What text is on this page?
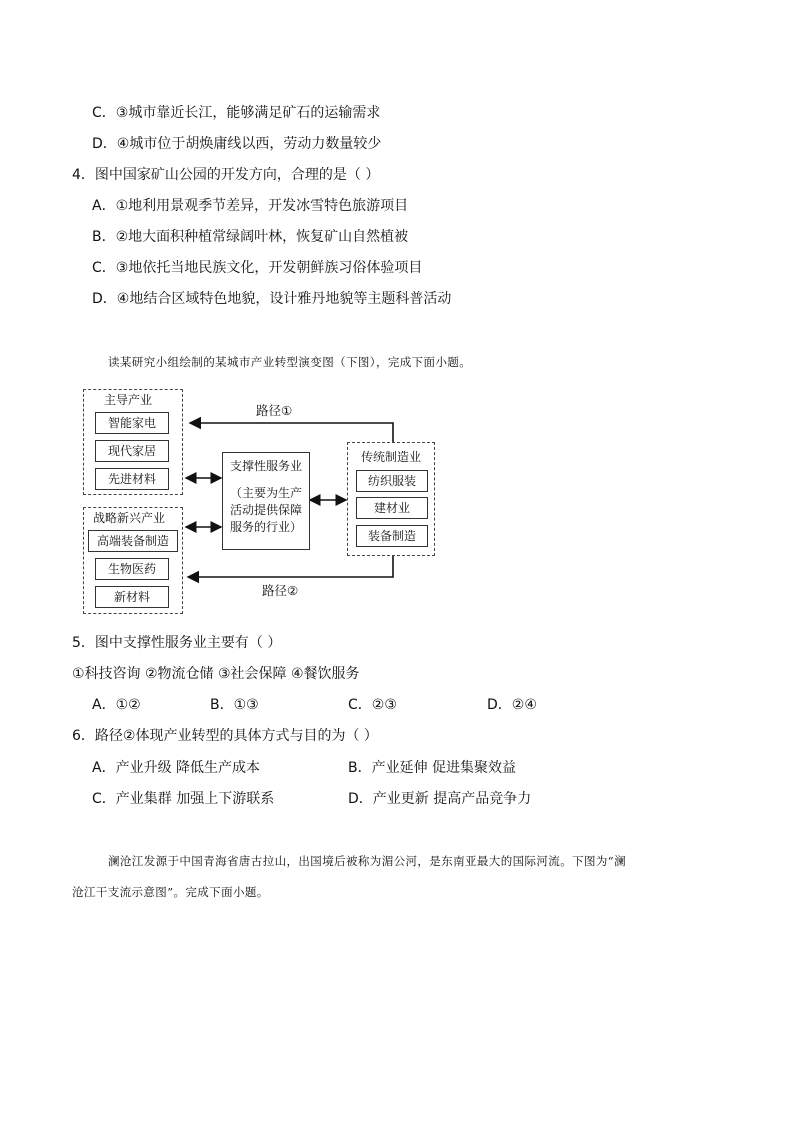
C．③城市靠近长江，能够满足矿石的运输需求
D．④城市位于胡焕庸线以西，劳动力数量较少
4．图中国家矿山公园的开发方向，合理的是（ ）
A．①地利用景观季节差异，开发冰雪特色旅游项目
B．②地大面积种植常绿阔叶林，恢复矿山自然植被
C．③地依托当地民族文化，开发朝鲜族习俗体验项目
D．④地结合区域特色地貌，设计雅丹地貌等主题科普活动
读某研究小组绘制的某城市产业转型演变图（下图），完成下面小题。
主导产业
智能家电
现代家居
先进材料
战略新兴产业
高端装备制造
生物医药
新材料
支撑性服务业
（主要为生产
活动提供保障
服务的行业）
传统制造业
纺织服装
建材业
装备制造
路径①
路径②
5．图中支撑性服务业主要有（ ）
①科技咨询 ②物流仓储 ③社会保障 ④餐饮服务
A．①②	B．①③	C．②③	D．②④
6．路径②体现产业转型的具体方式与目的为（ ）
A．产业升级 降低生产成本	B．产业延伸 促进集聚效益
C．产业集群 加强上下游联系	D．产业更新 提高产品竞争力
澜沧江发源于中国青海省唐古拉山，出国境后被称为湄公河，是东南亚最大的国际河流。下图为“澜
沧江干支流示意图”。完成下面小题。
